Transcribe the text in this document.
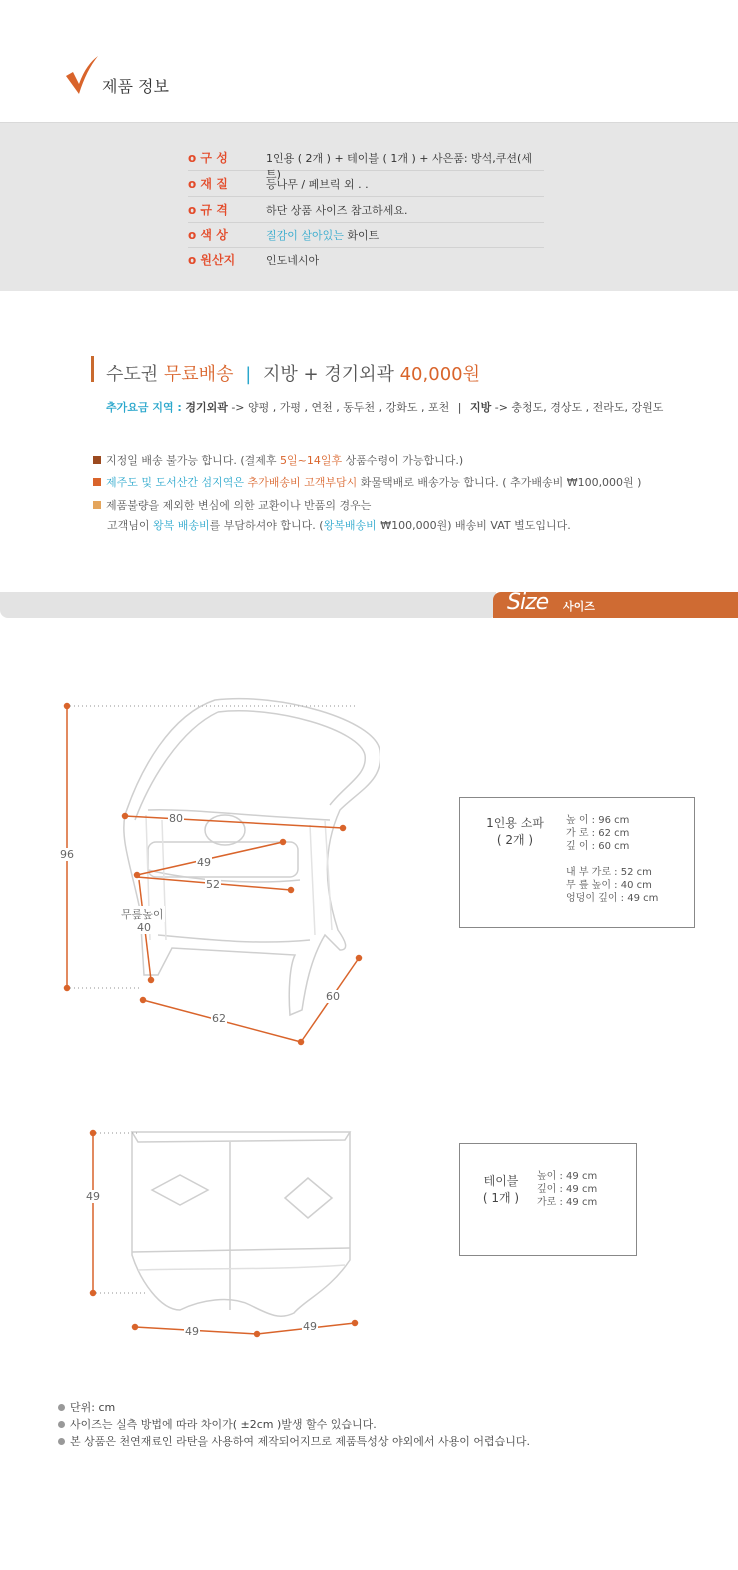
제품 정보
o 구 성	1인용 ( 2개 ) + 테이블 ( 1개 ) + 사은품: 방석,쿠션(세트)
o 재 질	등나무 / 페브릭 외 . .
o 규 격	하단 상품 사이즈 참고하세요.
o 색 상	질감이 살아있는 화이트
o 원산지	인도네시아
수도권 무료배송 | 지방 + 경기외곽 40,000원
추가요금 지역 : 경기외곽 -> 양평 , 가평 , 연천 , 동두천 , 강화도 , 포천 | 지방 -> 충청도, 경상도 , 전라도, 강원도
지정일 배송 불가능 합니다. (결제후 5일~14일후 상품수령이 가능합니다.)
제주도 및 도서산간 섬지역은 추가배송비 고객부담시 화물택배로 배송가능 합니다. ( 추가배송비 ₩100,000원 )
제품불량을 제외한 변심에 의한 교환이나 반품의 경우는
고객님이 왕복 배송비를 부담하셔야 합니다. (왕복배송비 ₩100,000원) 배송비 VAT 별도입니다.
Size 사이즈
96
80
49
52
무릎높이
40
62
60
1인용 소파
( 2개 )
높 이 : 96 cm
가 로 : 62 cm
깊 이 : 60 cm
내 부 가로 : 52 cm
무 릎 높이 : 40 cm
엉덩이 깊이 : 49 cm
49
49	49
테이블
( 1개 )
높이 : 49 cm
깊이 : 49 cm
가로 : 49 cm
단위: cm
사이즈는 실측 방법에 따라 차이가( ±2cm )발생 할수 있습니다.
본 상품은 천연재료인 라탄을 사용하여 제작되어지므로 제품특성상 야외에서 사용이 어렵습니다.
